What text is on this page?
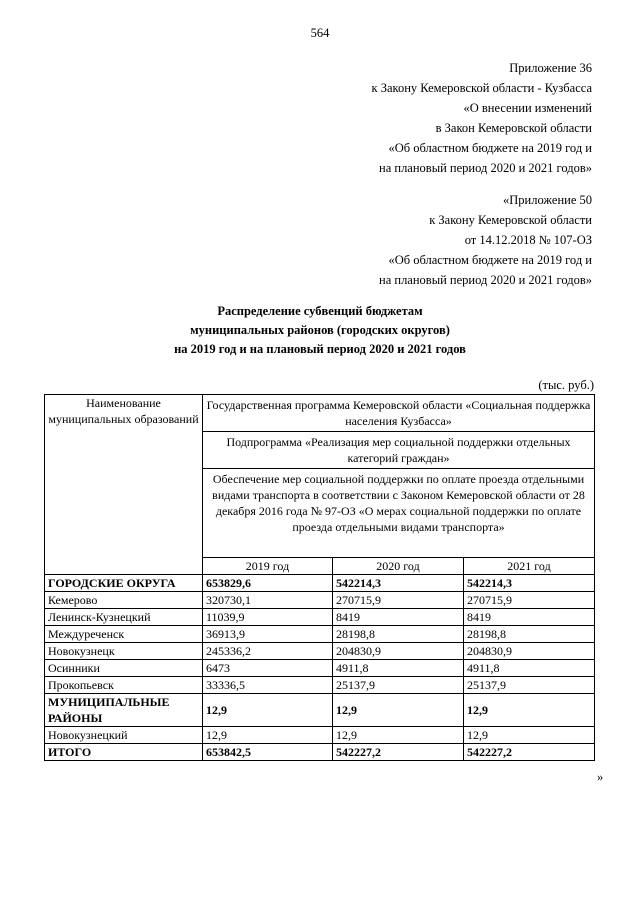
564
Приложение 36
к Закону Кемеровской области - Кузбасса
«О внесении изменений
в Закон Кемеровской области
«Об областном бюджете на 2019 год и
на плановый период 2020 и 2021 годов»
«Приложение 50
к Закону Кемеровской области
от 14.12.2018 № 107-ОЗ
«Об областном бюджете на 2019 год и
на плановый период 2020 и 2021 годов»
Распределение субвенций бюджетам
муниципальных районов (городских округов)
на 2019 год и на плановый период 2020 и 2021 годов
(тыс. руб.)
Наименование муниципальных образований	Государственная программа Кемеровской области «Социальная поддержка населения Кузбасса»		
	Подпрограмма «Реализация мер социальной поддержки отдельных категорий граждан»		
	Обеспечение мер социальной поддержки по оплате проезда отдельными видами транспорта в соответствии с Законом Кемеровской области от 28 декабря 2016 года № 97-ОЗ «О мерах социальной поддержки по оплате проезда отдельными видами транспорта»		
	2019 год	2020 год	2021 год
ГОРОДСКИЕ ОКРУГА	653829,6	542214,3	542214,3
Кемерово	320730,1	270715,9	270715,9
Ленинск-Кузнецкий	11039,9	8419	8419
Междуреченск	36913,9	28198,8	28198,8
Новокузнецк	245336,2	204830,9	204830,9
Осинники	6473	4911,8	4911,8
Прокопьевск	33336,5	25137,9	25137,9
МУНИЦИПАЛЬНЫЕ РАЙОНЫ	12,9	12,9	12,9
Новокузнецкий	12,9	12,9	12,9
ИТОГО	653842,5	542227,2	542227,2
»
